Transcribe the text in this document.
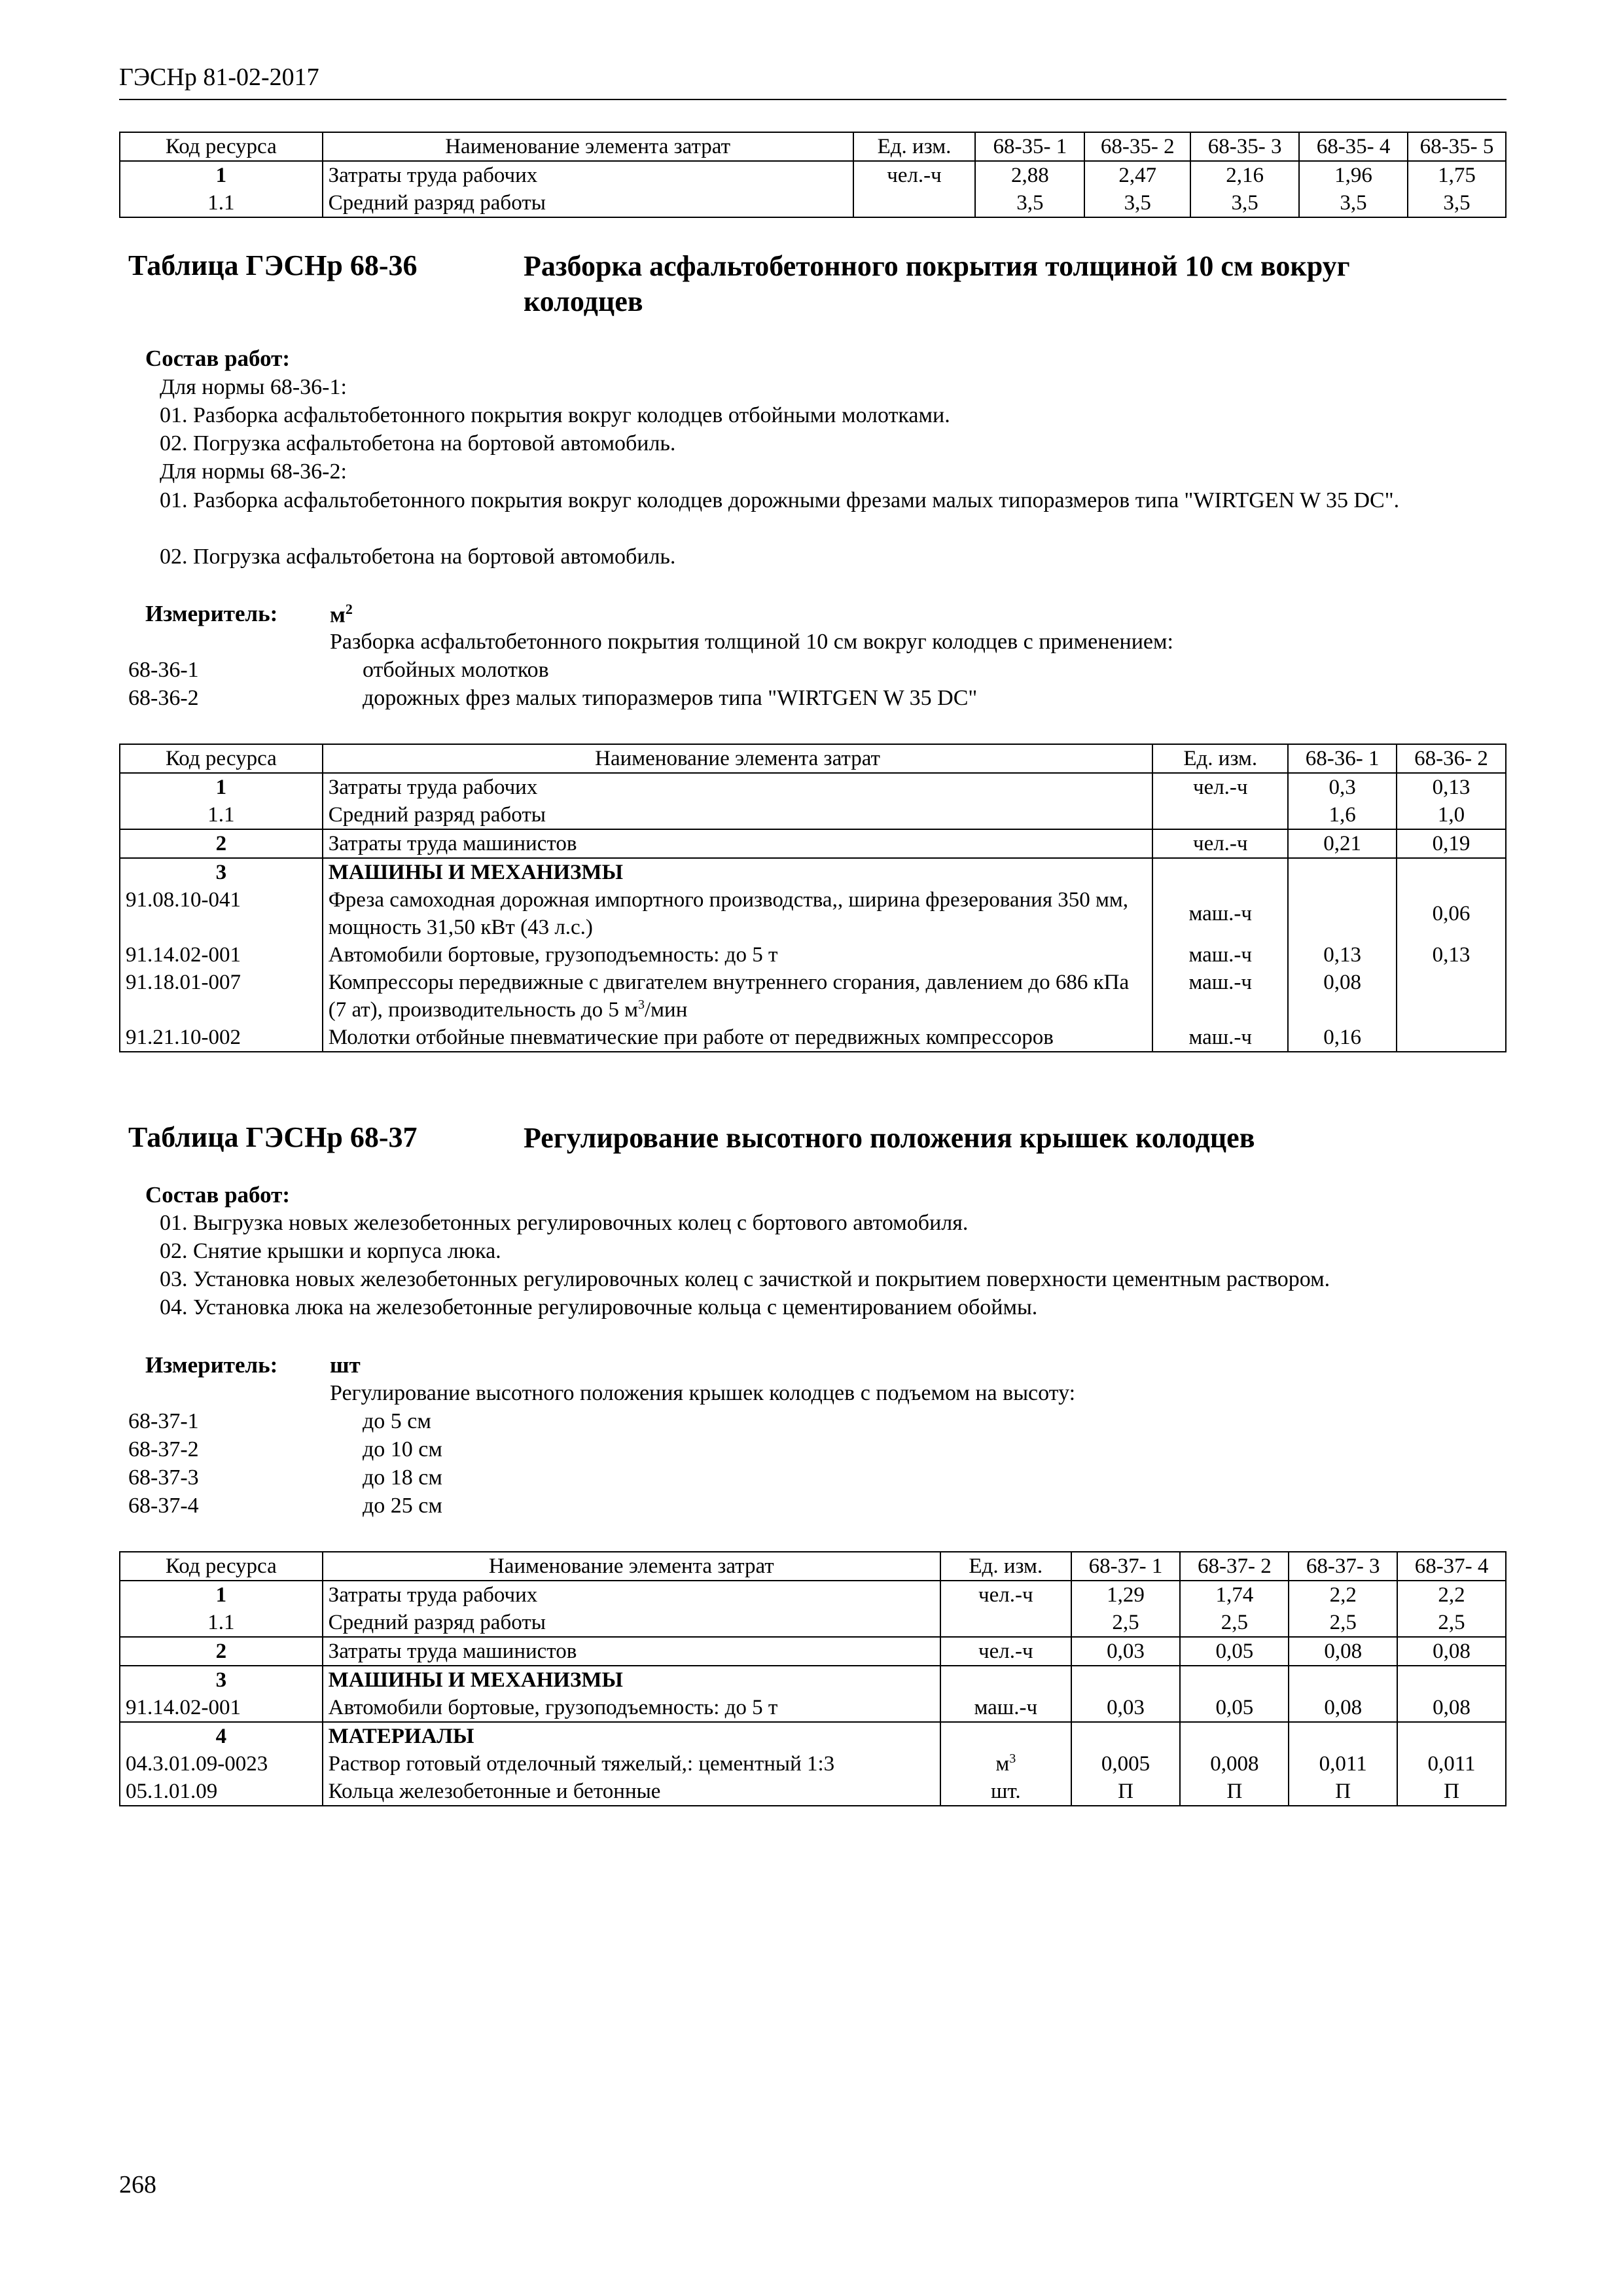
ГЭСНр 81-02-2017
Код ресурса	Наименование элемента затрат	Ед. изм.	68-35- 1	68-35- 2	68-35- 3	68-35- 4	68-35- 5
1	Затраты труда рабочих	чел.-ч	2,88	2,47	2,16	1,96	1,75
1.1	Средний разряд работы		3,5	3,5	3,5	3,5	3,5
Таблица ГЭСНр 68-36	Разборка асфальтобетонного покрытия толщиной 10 см вокруг колодцев
Состав работ:
Для нормы 68-36-1:
01. Разборка асфальтобетонного покрытия вокруг колодцев отбойными молотками.
02. Погрузка асфальтобетона на бортовой автомобиль.
Для нормы 68-36-2:
01. Разборка асфальтобетонного покрытия вокруг колодцев дорожными фрезами малых типоразмеров типа "WIRTGEN W 35 DC".
02. Погрузка асфальтобетона на бортовой автомобиль.
Измеритель: $м^2$
Разборка асфальтобетонного покрытия толщиной 10 см вокруг колодцев с применением:
68-36-1	отбойных молотков
68-36-2	дорожных фрез малых типоразмеров типа "WIRTGEN W 35 DC"
Код ресурса	Наименование элемента затрат	Ед. изм.	68-36- 1	68-36- 2
1	Затраты труда рабочих	чел.-ч	0,3	0,13
1.1	Средний разряд работы		1,6	1,0
2	Затраты труда машинистов	чел.-ч	0,21	0,19
3	МАШИНЫ И МЕХАНИЗМЫ			
91.08.10-041	Фреза самоходная дорожная импортного производства,, ширина фрезерования 350 мм, мощность 31,50 кВт (43 л.с.)	маш.-ч		0,06
91.14.02-001	Автомобили бортовые, грузоподъемность: до 5 т	маш.-ч	0,13	0,13
91.18.01-007	Компрессоры передвижные с двигателем внутреннего сгорания, давлением до 686 кПа (7 ат), производительность до 5 $м^3$/мин	маш.-ч	0,08	
91.21.10-002	Молотки отбойные пневматические при работе от передвижных компрессоров	маш.-ч	0,16	
Таблица ГЭСНр 68-37	Регулирование высотного положения крышек колодцев
Состав работ:
01. Выгрузка новых железобетонных регулировочных колец с бортового автомобиля.
02. Снятие крышки и корпуса люка.
03. Установка новых железобетонных регулировочных колец с зачисткой и покрытием поверхности цементным раствором.
04. Установка люка на железобетонные регулировочные кольца с цементированием обоймы.
Измеритель: шт
Регулирование высотного положения крышек колодцев с подъемом на высоту:
68-37-1	до 5 см
68-37-2	до 10 см
68-37-3	до 18 см
68-37-4	до 25 см
Код ресурса	Наименование элемента затрат	Ед. изм.	68-37- 1	68-37- 2	68-37- 3	68-37- 4
1	Затраты труда рабочих	чел.-ч	1,29	1,74	2,2	2,2
1.1	Средний разряд работы		2,5	2,5	2,5	2,5
2	Затраты труда машинистов	чел.-ч	0,03	0,05	0,08	0,08
3	МАШИНЫ И МЕХАНИЗМЫ					
91.14.02-001	Автомобили бортовые, грузоподъемность: до 5 т	маш.-ч	0,03	0,05	0,08	0,08
4	МАТЕРИАЛЫ					
04.3.01.09-0023	Раствор готовый отделочный тяжелый,: цементный 1:3	$м^3$	0,005	0,008	0,011	0,011
05.1.01.09	Кольца железобетонные и бетонные	шт.	П	П	П	П
268
